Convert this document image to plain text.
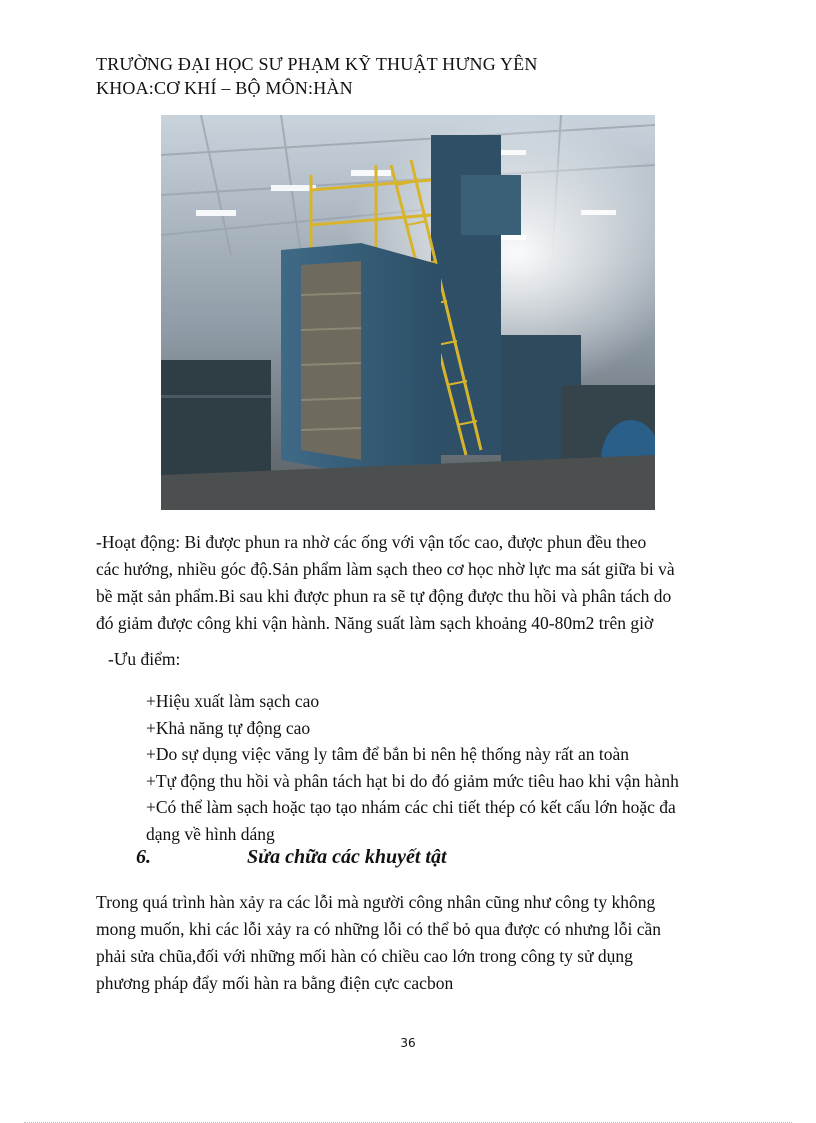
TRƯỜNG ĐẠI HỌC SƯ PHẠM KỸ THUẬT HƯNG YÊN
KHOA:CƠ KHÍ – BỘ MÔN:HÀN
-Hoạt động: Bi được phun ra nhờ các ống với vận tốc cao, được phun đều theo
các hướng, nhiều góc độ.Sản phẩm làm sạch theo cơ học nhờ lực ma sát giữa bi và
bề mặt sản phẩm.Bi sau khi được phun ra sẽ tự động được thu hồi và phân tách do
đó giảm được công khi vận hành. Năng suất làm sạch khoảng 40-80m2 trên giờ
-Ưu điểm:
+Hiệu xuất làm sạch cao
+Khả năng tự động cao
+Do sự dụng việc văng ly tâm để bắn bi nên hệ thống này rất an toàn
+Tự động thu hồi và phân tách hạt bi do đó giảm mức tiêu hao khi vận hành
+Có thể làm sạch hoặc tạo tạo nhám các chi tiết thép có kết cấu lớn hoặc đa
dạng về hình dáng
6.	Sửa chữa các khuyết tật
Trong quá trình hàn xảy ra các lỗi mà người công nhân cũng như công ty không
mong muốn, khi các lỗi xảy ra có những lỗi có thể bỏ qua được có nhưng lỗi cần
phải sửa chũa,đối với những mối hàn có chiều cao lớn trong công ty sử dụng
phương pháp đẩy mối hàn ra bằng điện cực cacbon
36
